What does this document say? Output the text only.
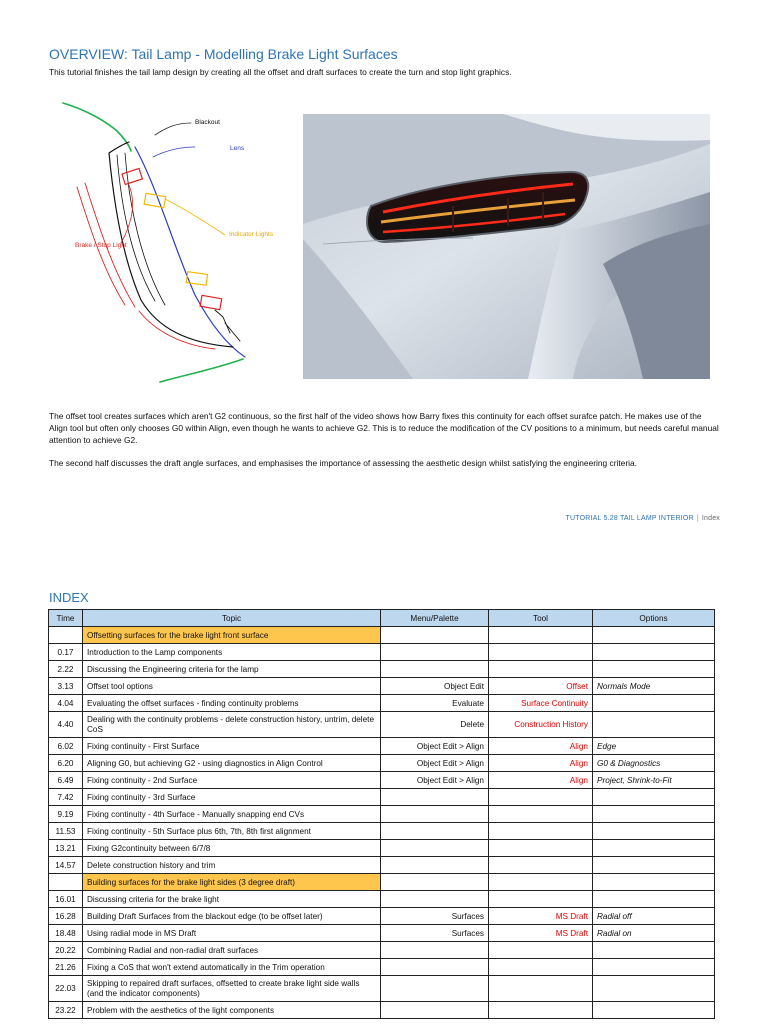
OVERVIEW: Tail Lamp - Modelling Brake Light Surfaces
This tutorial finishes the tail lamp design by creating all the offset and draft surfaces to create the turn and stop light graphics.
Blackout
Lens
Indicator Lights
Brake / Stop Light

The offset tool creates surfaces which aren't G2 continuous, so the first half of the video shows how Barry fixes this continuity for each offset surafce patch. He makes use of the Align tool but often only chooses G0 within Align, even though he wants to achieve G2. This is to reduce the modification of the CV positions to a minimum, but needs careful manual attention to achieve G2.

The second half discusses the draft angle surfaces, and emphasises the importance of assessing the aesthetic design whilst satisfying the engineering criteria.

TUTORIAL 5.28 TAIL LAMP INTERIOR | Index
INDEX
Time	Topic	Menu/Palette	Tool	Options
	Offsetting surfaces for the brake light front surface			
0.17	Introduction to the Lamp components			
2.22	Discussing the Engineering criteria for the lamp			
3.13	Offset tool options	Object Edit	Offset	Normals Mode
4.04	Evaluating the offset surfaces - finding continuity problems	Evaluate	Surface Continuity	
4.40	Dealing with the continuity problems - delete construction history, untrim, delete CoS	Delete	Construction History	
6.02	Fixing continuity - First Surface	Object Edit > Align	Align	Edge
6.20	Aligning G0, but achieving G2 - using diagnostics in Align Control	Object Edit > Align	Align	G0 & Diagnostics
6.49	Fixing continuity - 2nd Surface	Object Edit > Align	Align	Project, Shrink-to-Fit
7.42	Fixing continuity - 3rd Surface			
9.19	Fixing continuity - 4th Surface - Manually snapping end CVs			
11.53	Fixing continuity - 5th Surface plus 6th, 7th, 8th first alignment			
13.21	Fixing G2continuity between 6/7/8			
14.57	Delete construction history and trim			
	Building surfaces for the brake light sides (3 degree draft)			
16.01	Discussing criteria for the brake light			
16.28	Building Draft Surfaces from the blackout edge (to be offset later)	Surfaces	MS Draft	Radial off
18.48	Using radial mode in MS Draft	Surfaces	MS Draft	Radial on
20.22	Combining Radial and non-radial draft surfaces			
21.26	Fixing a CoS that won't extend automatically in the Trim operation			
22.03	Skipping to repaired draft surfaces, offsetted to create brake light side walls (and the indicator components)			
23.22	Problem with the aesthetics of the light components			
